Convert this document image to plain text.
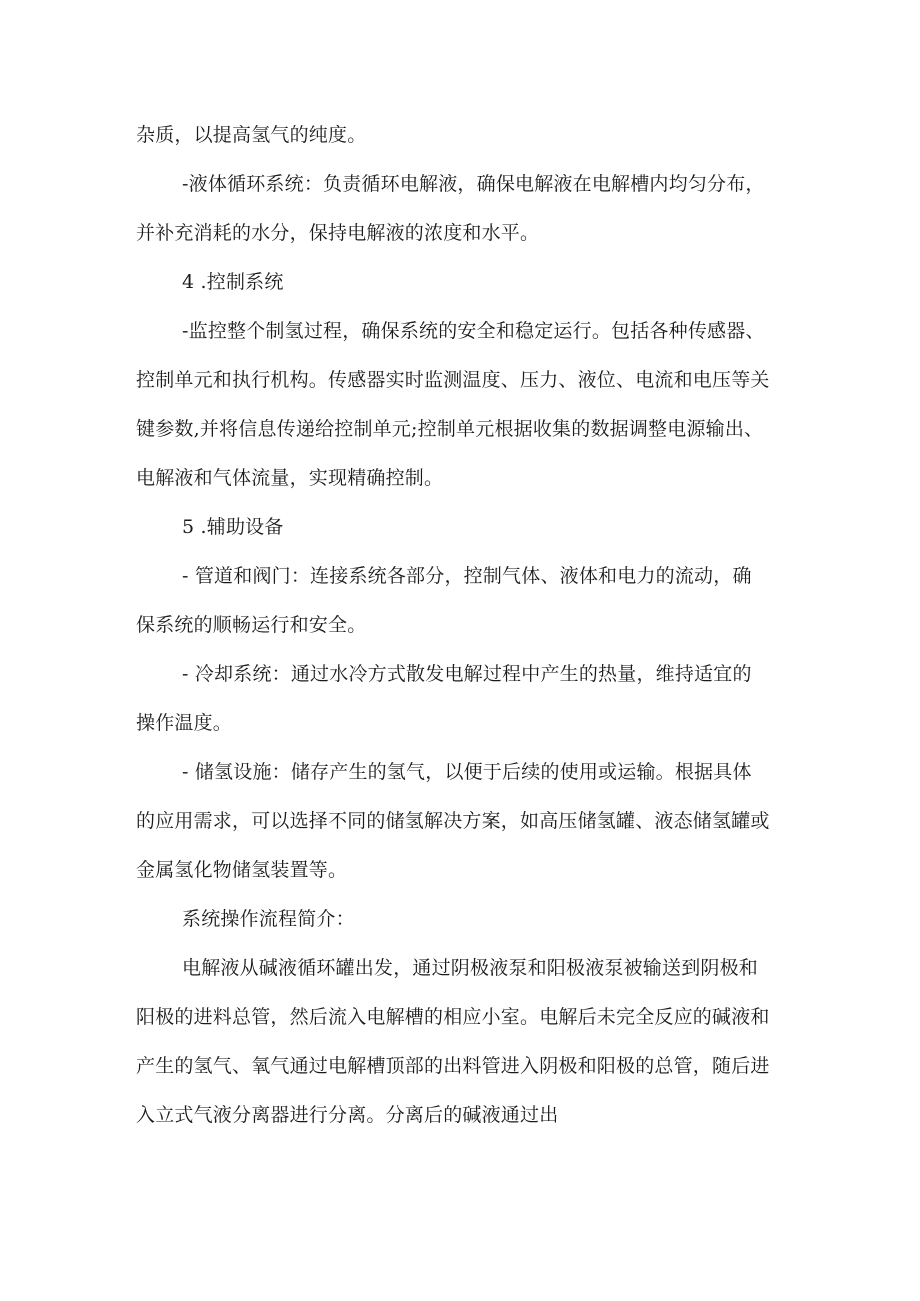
杂质，以提高氢气的纯度。

-液体循环系统：负责循环电解液，确保电解液在电解槽内均匀分布，
并补充消耗的水分，保持电解液的浓度和水平。

4 .控制系统

-监控整个制氢过程，确保系统的安全和稳定运行。包括各种传感器、
控制单元和执行机构。传感器实时监测温度、压力、液位、电流和电压等关
键参数,并将信息传递给控制单元;控制单元根据收集的数据调整电源输出、
电解液和气体流量，实现精确控制。

5 .辅助设备

- 管道和阀门：连接系统各部分，控制气体、液体和电力的流动，确
保系统的顺畅运行和安全。

- 冷却系统：通过水冷方式散发电解过程中产生的热量，维持适宜的
操作温度。

- 储氢设施：储存产生的氢气，以便于后续的使用或运输。根据具体
的应用需求，可以选择不同的储氢解决方案，如高压储氢罐、液态储氢罐或
金属氢化物储氢装置等。

系统操作流程简介：

电解液从碱液循环罐出发，通过阴极液泵和阳极液泵被输送到阴极和
阳极的进料总管，然后流入电解槽的相应小室。电解后未完全反应的碱液和
产生的氢气、氧气通过电解槽顶部的出料管进入阴极和阳极的总管，随后进
入立式气液分离器进行分离。分离后的碱液通过出
